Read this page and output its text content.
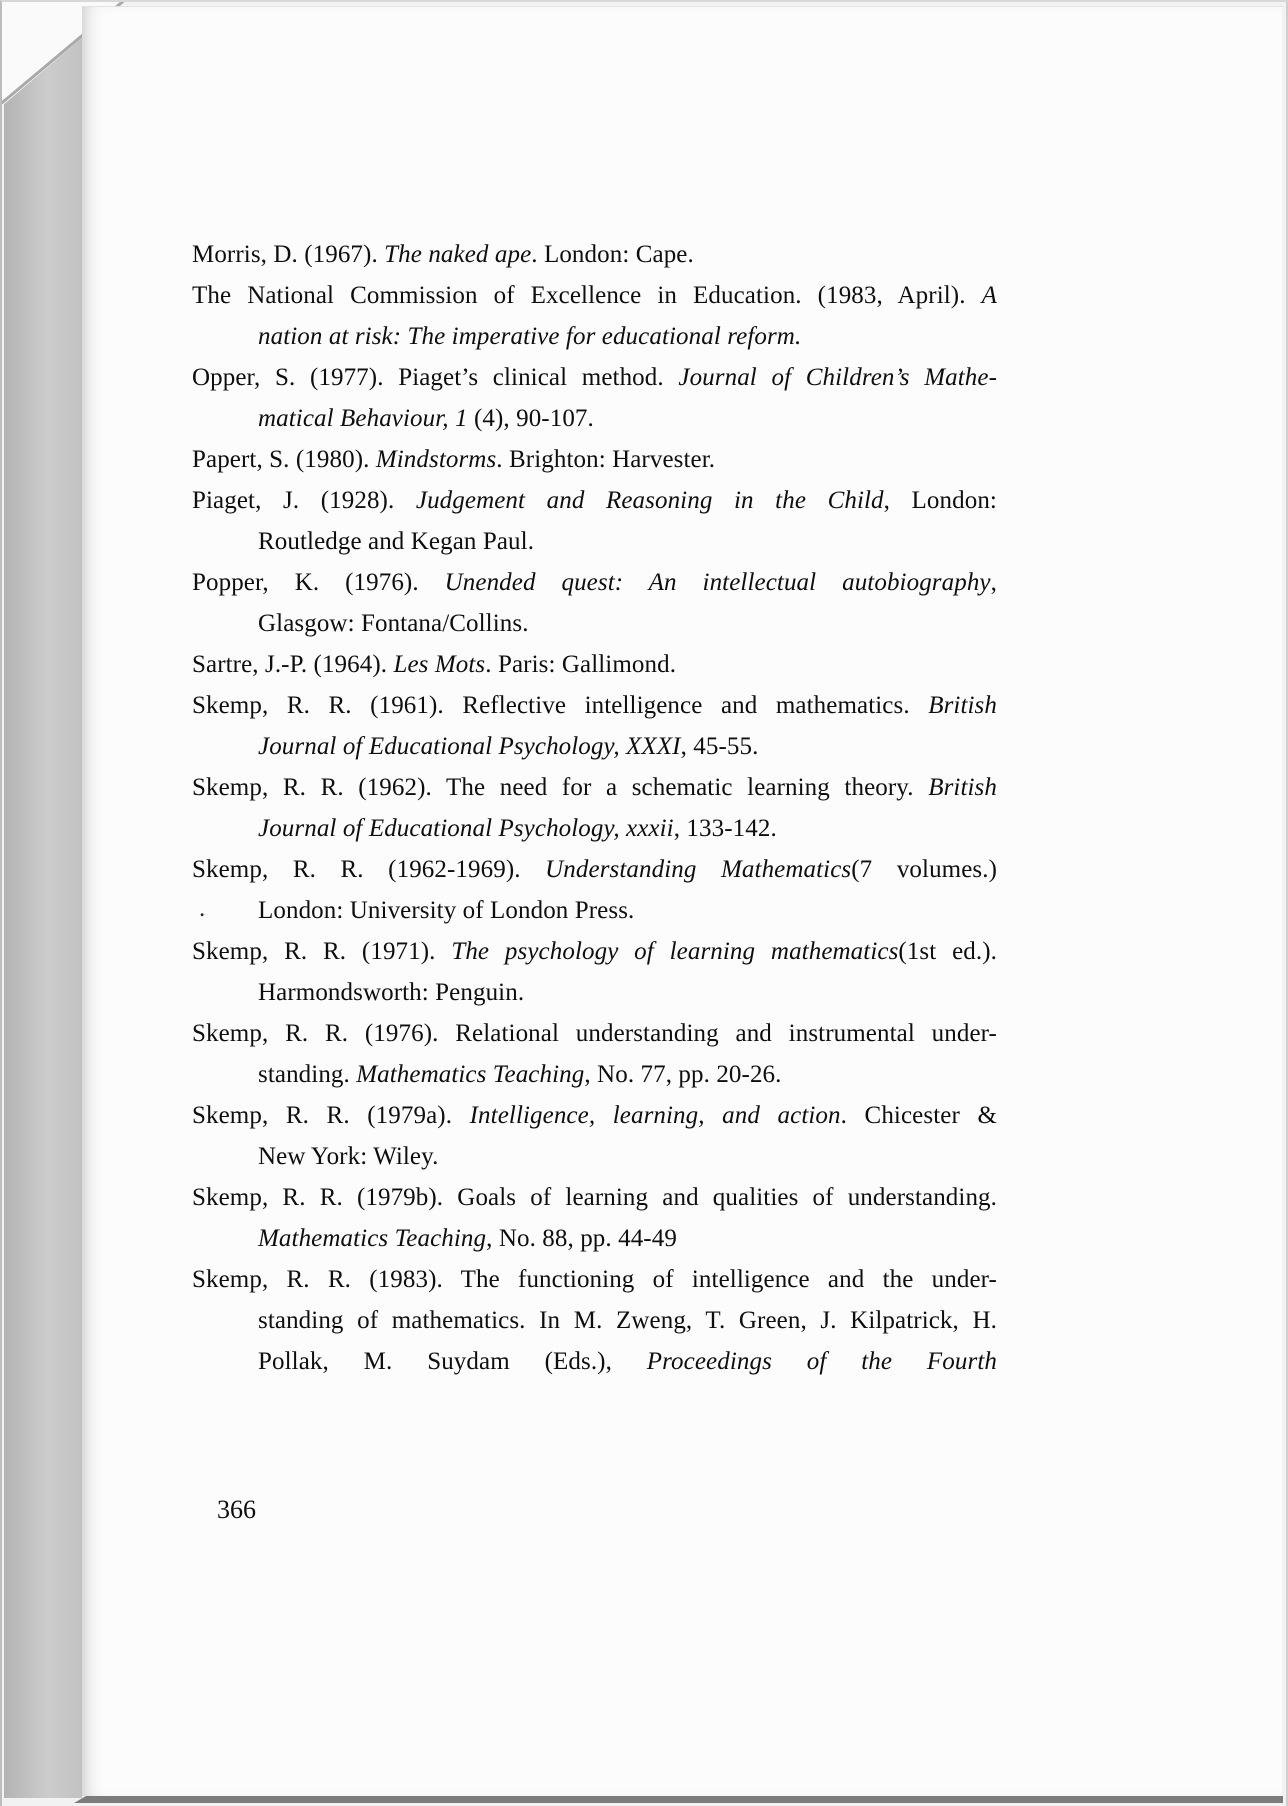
Morris, D. (1967). The naked ape. London: Cape.
The National Commission of Excellence in Education. (1983, April). A
nation at risk: The imperative for educational reform.
Opper, S. (1977). Piaget’s clinical method. Journal of Children’s Mathe-
matical Behaviour, 1 (4), 90-107.
Papert, S. (1980). Mindstorms. Brighton: Harvester.
Piaget, J. (1928). Judgement and Reasoning in the Child, London:
Routledge and Kegan Paul.
Popper, K. (1976). Unended quest: An intellectual autobiography,
Glasgow: Fontana/Collins.
Sartre, J.-P. (1964). Les Mots. Paris: Gallimond.
Skemp, R. R. (1961). Reflective intelligence and mathematics. British
Journal of Educational Psychology, XXXI, 45-55.
Skemp, R. R. (1962). The need for a schematic learning theory. British
Journal of Educational Psychology, xxxii, 133-142.
Skemp, R. R. (1962-1969). Understanding Mathematics(7 volumes.)
London: University of London Press.
Skemp, R. R. (1971). The psychology of learning mathematics(1st ed.).
Harmondsworth: Penguin.
Skemp, R. R. (1976). Relational understanding and instrumental under-
standing. Mathematics Teaching, No. 77, pp. 20-26.
Skemp, R. R. (1979a). Intelligence, learning, and action. Chicester &
New York: Wiley.
Skemp, R. R. (1979b). Goals of learning and qualities of understanding.
Mathematics Teaching, No. 88, pp. 44-49
Skemp, R. R. (1983). The functioning of intelligence and the under-
standing of mathematics. In M. Zweng, T. Green, J. Kilpatrick, H.
Pollak, M. Suydam (Eds.), Proceedings of the Fourth
.
366
